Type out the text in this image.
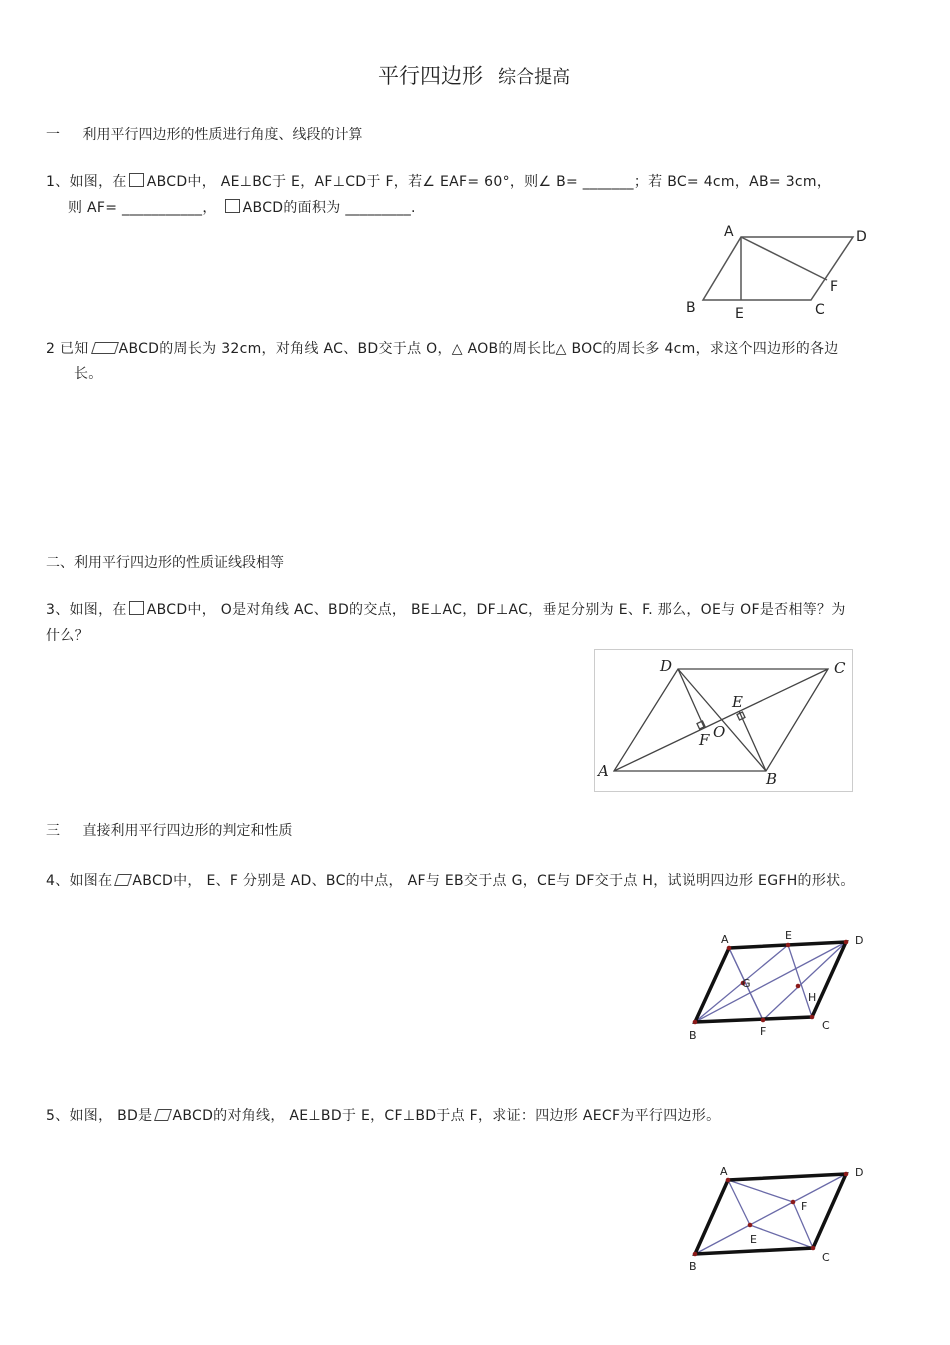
平行四边形 综合提高
一 利用平行四边形的性质进行角度、线段的计算
1、如图，在 ABCD中， AE⊥BC于 E，AF⊥CD于 F，若∠ EAF= 60°，则∠ B= _______；若 BC= 4cm，AB= 3cm，
则 AF= ___________， ABCD的面积为 _________.
A	D
F
B	E	C
2 已知 ABCD的周长为 32cm，对角线 AC、BD交于点 O，△ AOB的周长比△ BOC的周长多 4cm，求这个四边形的各边
长。
二、利用平行四边形的性质证线段相等
3、如图，在 ABCD中， O是对角线 AC、BD的交点， BE⊥AC，DF⊥AC，垂足分别为 E、F. 那么，OE与 OF是否相等？为
什么？
D	C
E
O
F
A	B
三 直接利用平行四边形的判定和性质
4、如图在 ABCD中， E、F 分别是 AD、BC的中点， AF与 EB交于点 G，CE与 DF交于点 H，试说明四边形 EGFH的形状。
A	E	D
G
H
B	F	C
5、如图， BD是 ABCD的对角线， AE⊥BD于 E，CF⊥BD于点 F，求证：四边形 AECF为平行四边形。
A	D
F
E
B
C
